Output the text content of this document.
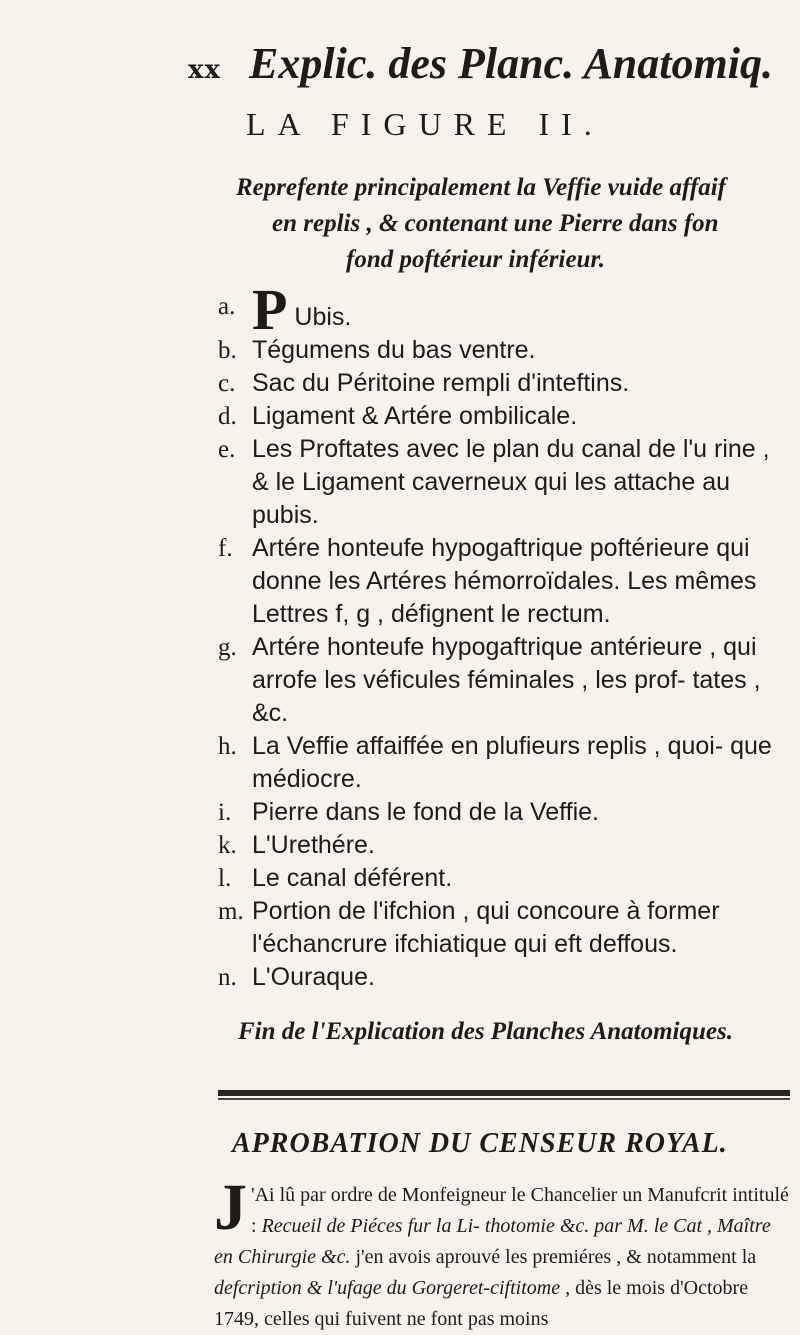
xx Explic. des Planc. Anatomiq.
LA FIGURE II.
Reprefente principalement la Veffie vuide affaif
en replis , & contenant une Pierre dans fon
fond poftérieur inférieur.
a. P Ubis.
b. Tégumens du bas ventre.
c. Sac du Péritoine rempli d'inteftins.
d. Ligament & Artére ombilicale.
e. Les Proftates avec le plan du canal de l'u rine , & le Ligament caverneux qui les attache au pubis.
f. Artére honteufe hypogaftrique poftérieure qui donne les Artéres hémorroïdales. Les mêmes Lettres f, g , défignent le rectum.
g. Artére honteufe hypogaftrique antérieure , qui arrofe les véficules féminales , les prof- tates , &c.
h. La Veffie affaiffée en plufieurs replis , quoi- que médiocre.
i. Pierre dans le fond de la Veffie.
k. L'Urethére.
l. Le canal déférent.
m. Portion de l'ifchion , qui concoure à former l'échancrure ifchiatique qui eft deffous.
n. L'Ouraque.
Fin de l'Explication des Planches Anatomiques.
APROBATION DU CENSEUR ROYAL.
J 'Ai lû par ordre de Monfeigneur le Chancelier un Manufcrit intitulé : Recueil de Piéces fur la Li- thotomie &c. par M. le Cat , Maître en Chirurgie &c. j'en avois aprouvé les premiéres , & notamment la defcription & l'ufage du Gorgeret-ciftitome , dès le mois d'Octobre 1749, celles qui fuivent ne font pas moins
